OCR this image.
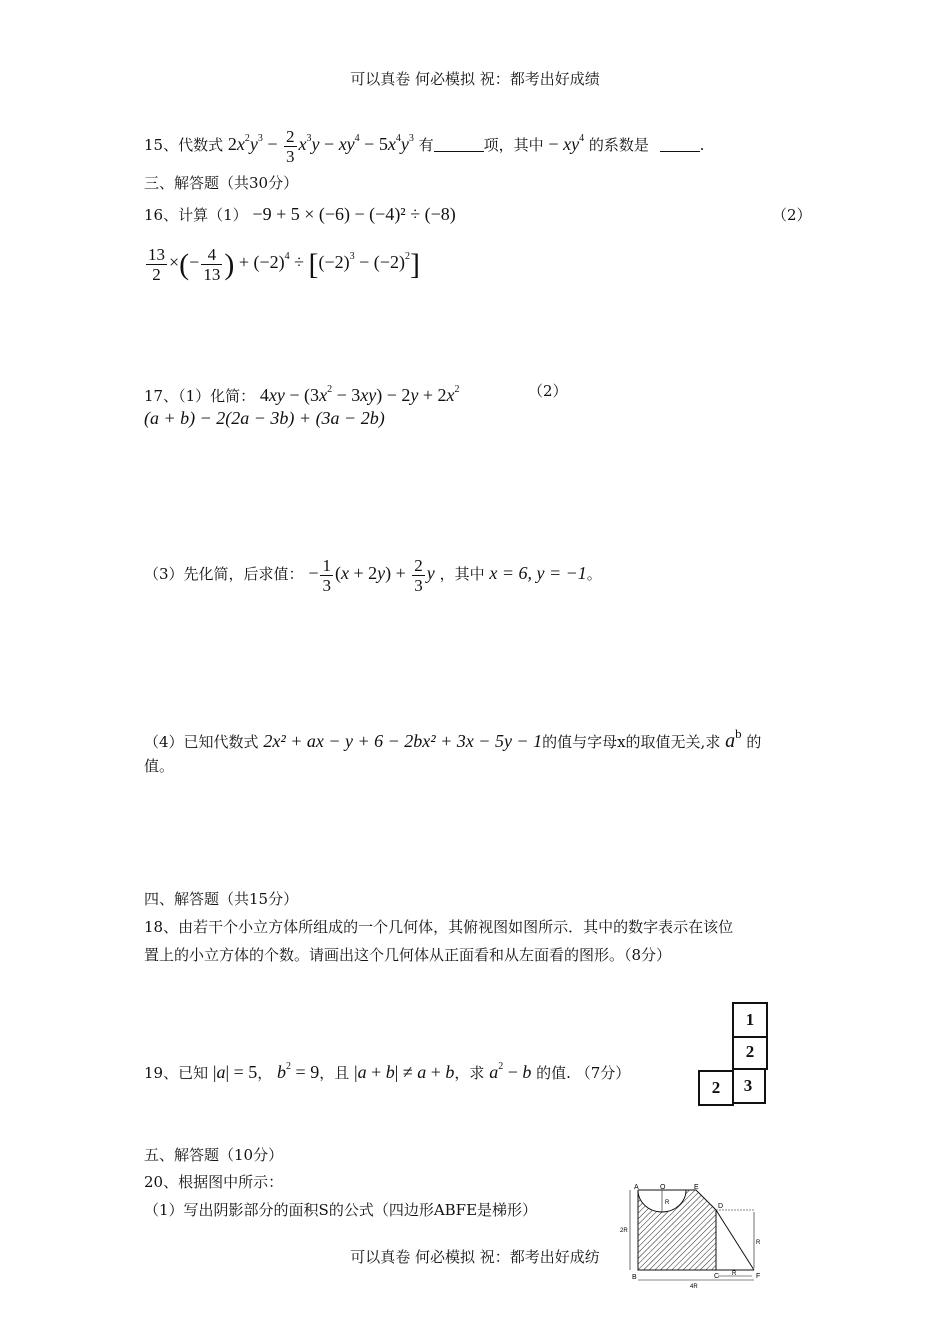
可以真卷 何必模拟 祝：都考出好成绩
15、代数式 $2x^2y^3 - \frac{2}{3} x^3y - xy^4 - 5x^4y^3$ 有	项，其中 − $xy^4$ 的系数是	.
三、解答题（共30分）
16、计算（1） −9 + 5 × (−6) − (−4)² ÷ (−8)	（2）
$\frac{13}{2}$ ×(− $\frac{4}{13}$ ) + $(-2)^4 \div [(-2)^3 - (-2)^2]$
17、（1）化简： $4xy - (3x^2 - 3xy) - 2y + 2x^2$	（2）
(a + b) − 2(2a − 3b) + (3a − 2b)
（3）先化简，后求值： − $\frac{1}{3} (x + 2y) + \frac{2}{3}$ y ，其中 x = 6, y = −1。
（4）已知代数式 2x² + ax − y + 6 − 2bx² + 3x − 5y − 1的值与字母x的取值无关,求 $a^b$ 的
值。
四、解答题（共15分）
18、由若干个小立方体所组成的一个几何体，其俯视图如图所示．其中的数字表示在该位
置上的小立方体的个数。请画出这个几何体从正面看和从左面看的图形。（8分）
19、已知 |a| = 5， $b^2 = 9$，且 |a + b| ≠ a + b，求 $a^2 - b$ 的值. （7分）
1
2
2	3
五、解答题（10分）
20、根据图中所示：
（1）写出阴影部分的面积S的公式（四边形ABFE是梯形）
可以真卷 何必模拟 祝：都考出好成纺
A	O	E
D
B	C	F
R
R
R
2R
4R
